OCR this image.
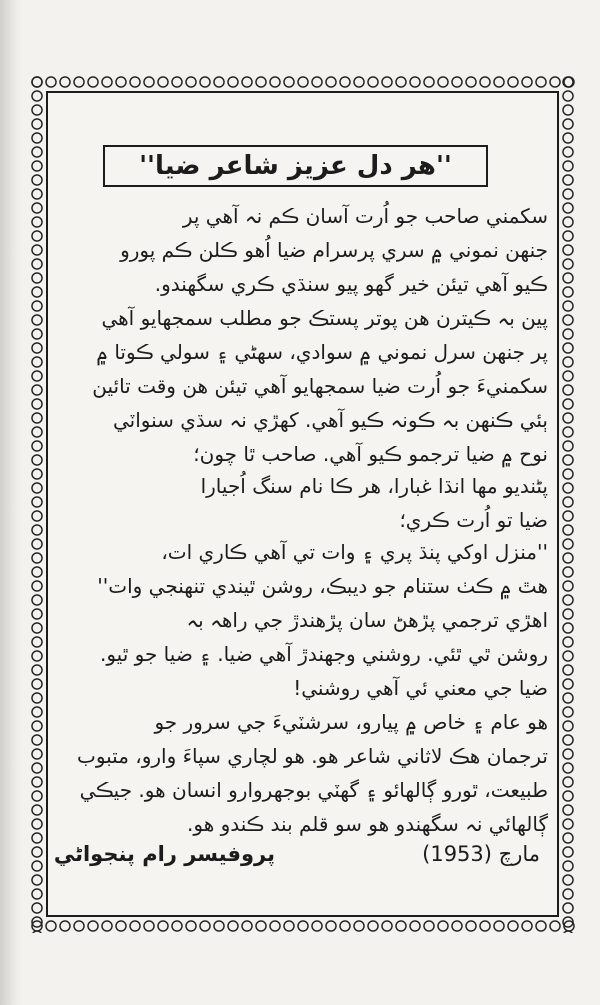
''هر دل عزيز شاعر ضيا''
سکمني صاحب جو اُرت آسان ڪم نہ آهي پر
جنهن نموني ۾ سري پرسرام ضيا اُهو ڪلن ڪم پورو
ڪيو آهي تيئن خير گهو پيو سنڌي ڪري سگهندو.
پين بہ ڪيترن هن پوتر پستڪ جو مطلب سمجهايو آهي
پر جنهن سرل نموني ۾ سوادي، سهڻي ۽ سولي ڪوتا ۾
سکمنيءَ جو اُرت ضيا سمجهايو آهي تيئن هن وقت تائين
ٻئي ڪنهن بہ ڪونہ ڪيو آهي. کهڙي نہ سڌي سنواٽي
نوح ۾ ضيا ترجمو ڪيو آهي. صاحب ٿا چون؛
پڻنديو مها انڌا غبارا، هر ڪا نام سنگ اُجيارا
ضيا تو اُرت ڪري؛
''منزل اوکي پنڌ پري ۽ وات تي آهي ڪاري ات،
هٿ ۾ ڪٺ ستنام جو ديبڪ، روشن ٿيندي تنهنجي وات''
اهڙي ترجمي پڙهڻ سان پڙهندڙ جي راهہ بہ
روشن ٿي ٿئي. روشني وجهندڙ آهي ضيا. ۽ ضيا جو ٿيو.
ضيا جي معني ئي آهي روشني!
هو عام ۽ خاص ۾ پيارو، سرشٽيءَ جي سرور جو
ترجمان هڪ لاثاني شاعر هو. هو لچاري سپاءَ وارو، متبوب
طبيعت، ٿورو ڳالهائو ۽ گهٽي بوجهروارو انسان هو. جيڪي
ڳالهائي نہ سگهندو هو سو قلم بند ڪندو هو.
مارچ (1953)
پروفيسر رام پنجواڻي
